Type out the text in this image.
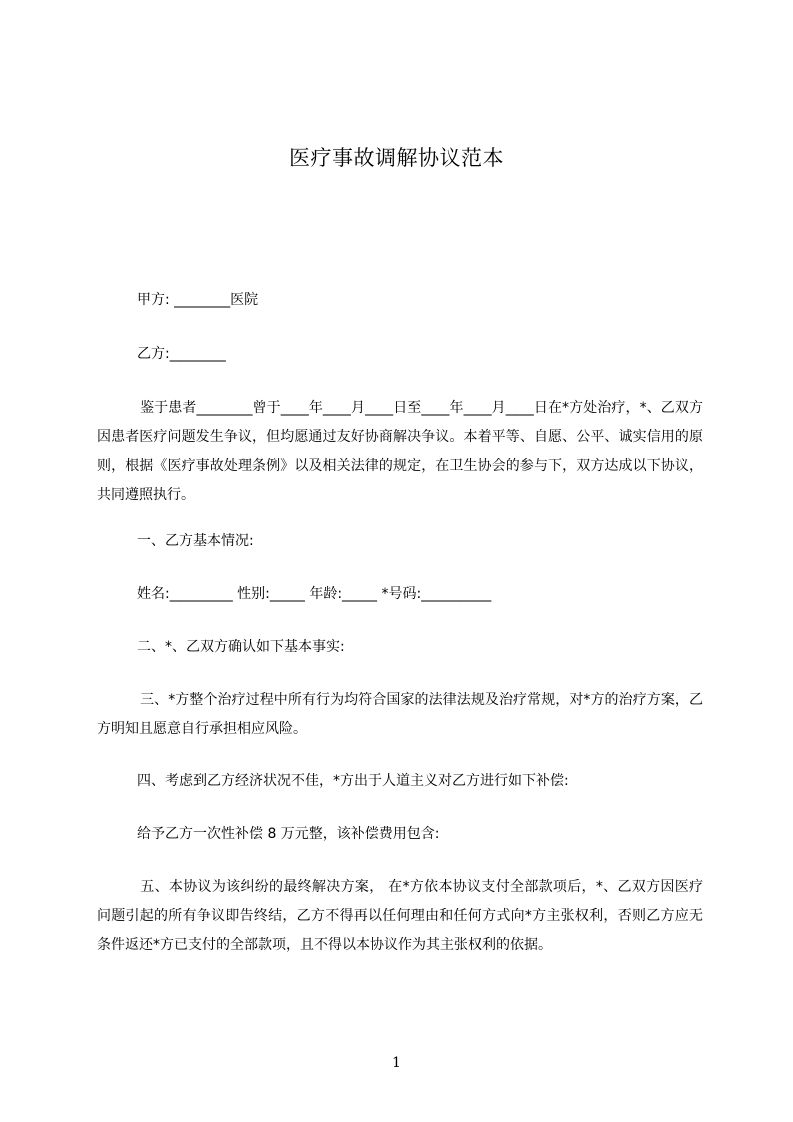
医疗事故调解协议范本
甲方: ________医院
乙方:________
鉴于患者________曾于____年____月____日至____年____月____日在*方处治疗，*、乙双方因患者医疗问题发生争议，但均愿通过友好协商解决争议。本着平等、自愿、公平、诚实信用的原则，根据《医疗事故处理条例》以及相关法律的规定，在卫生协会的参与下，双方达成以下协议，共同遵照执行。
一、乙方基本情况:
姓名:_________ 性别:_____ 年龄:_____ *号码:__________
二、*、乙双方确认如下基本事实:
三、*方整个治疗过程中所有行为均符合国家的法律法规及治疗常规，对*方的治疗方案，乙方明知且愿意自行承担相应风险。
四、考虑到乙方经济状况不佳，*方出于人道主义对乙方进行如下补偿:
给予乙方一次性补偿 8 万元整，该补偿费用包含:
五、本协议为该纠纷的最终解决方案， 在*方依本协议支付全部款项后，*、乙双方因医疗问题引起的所有争议即告终结，乙方不得再以任何理由和任何方式向*方主张权利，否则乙方应无条件返还*方已支付的全部款项，且不得以本协议作为其主张权利的依据。
1
